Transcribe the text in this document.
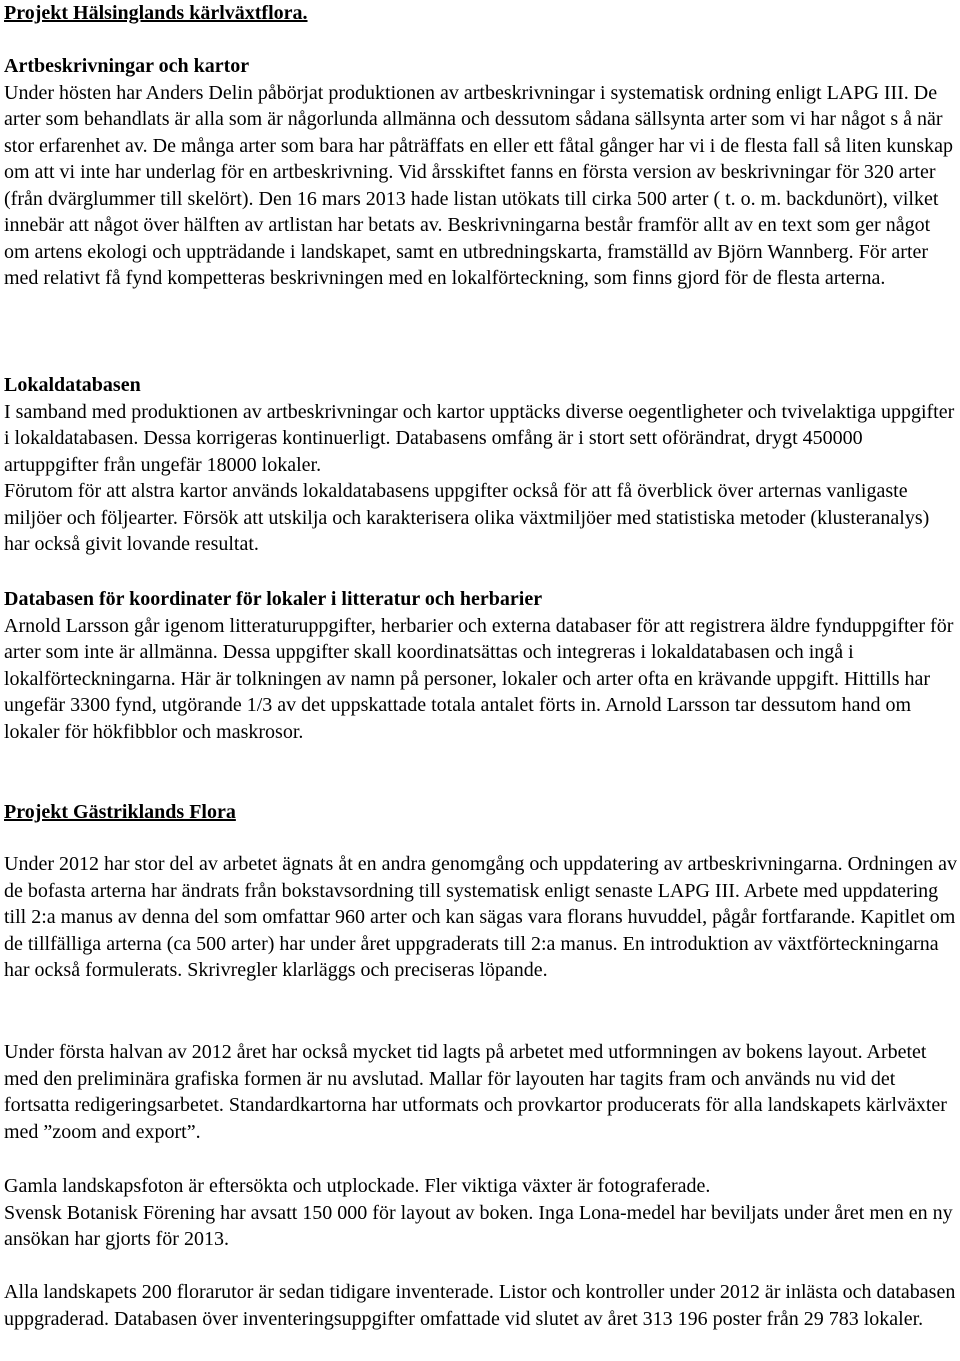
Projekt Hälsinglands kärlväxtflora.

Artbeskrivningar och kartor

Under hösten har Anders Delin påbörjat produktionen av artbeskrivningar i systematisk ordning enligt LAPG III. De arter som behandlats är alla som är någorlunda allmänna och dessutom sådana sällsynta arter som vi har något s å när stor erfarenhet av. De många arter som bara har påträffats en eller ett fåtal gånger har vi i de flesta fall så liten kunskap om att vi inte har underlag för en artbeskrivning. Vid årsskiftet fanns en första version av beskrivningar för 320 arter (från dvärglummer till skelört). Den 16 mars 2013 hade listan utökats till cirka 500 arter ( t. o. m. backdunört), vilket innebär att något över hälften av artlistan har betats av. Beskrivningarna består framför allt av en text som ger något om artens ekologi och uppträdande i landskapet, samt en utbredningskarta, framställd av Björn Wannberg. För arter med relativt få fynd kompetteras beskrivningen med en lokalförteckning, som finns gjord för de flesta arterna.

Lokaldatabasen

I samband med produktionen av artbeskrivningar och kartor upptäcks diverse oegentligheter och tvivelaktiga uppgifter i lokaldatabasen. Dessa korrigeras kontinuerligt. Databasens omfång är i stort sett oförändrat, drygt 450000 artuppgifter från ungefär 18000 lokaler.

Förutom för att alstra kartor används lokaldatabasens uppgifter också för att få överblick över arternas vanligaste miljöer och följearter. Försök att utskilja och karakterisera olika växtmiljöer med statistiska metoder (klusteranalys) har också givit lovande resultat.

Databasen för koordinater för lokaler i litteratur och herbarier

Arnold Larsson går igenom litteraturuppgifter, herbarier och externa databaser för att registrera äldre fynduppgifter för arter som inte är allmänna. Dessa uppgifter skall koordinatsättas och integreras i lokaldatabasen och ingå i lokalförteckningarna. Här är tolkningen av namn på personer, lokaler och arter ofta en krävande uppgift. Hittills har ungefär 3300 fynd, utgörande 1/3 av det uppskattade totala antalet förts in. Arnold Larsson tar dessutom hand om lokaler för hökfibblor och maskrosor.

Projekt Gästriklands Flora

Under 2012 har stor del av arbetet ägnats åt en andra genomgång och uppdatering av artbeskrivningarna. Ordningen av de bofasta arterna har ändrats från bokstavsordning till systematisk enligt senaste LAPG III. Arbete med uppdatering till 2:a manus av denna del som omfattar 960 arter och kan sägas vara florans huvuddel, pågår fortfarande. Kapitlet om de tillfälliga arterna (ca 500 arter) har under året uppgraderats till 2:a manus. En introduktion av växtförteckningarna har också formulerats. Skrivregler klarläggs och preciseras löpande.

Under första halvan av 2012 året har också mycket tid lagts på arbetet med utformningen av bokens layout. Arbetet med den preliminära grafiska formen är nu avslutad. Mallar för layouten har tagits fram och används nu vid det fortsatta redigeringsarbetet. Standardkartorna har utformats och provkartor producerats för alla landskapets kärlväxter med ”zoom and export”.

Gamla landskapsfoton är eftersökta och utplockade. Fler viktiga växter är fotograferade.

Svensk Botanisk Förening har avsatt 150 000 för layout av boken. Inga Lona-medel har beviljats under året men en ny ansökan har gjorts för 2013.

Alla landskapets 200 florarutor är sedan tidigare inventerade. Listor och kontroller under 2012 är inlästa och databasen uppgraderad. Databasen över inventeringsuppgifter omfattade vid slutet av året 313 196 poster från 29 783 lokaler.
